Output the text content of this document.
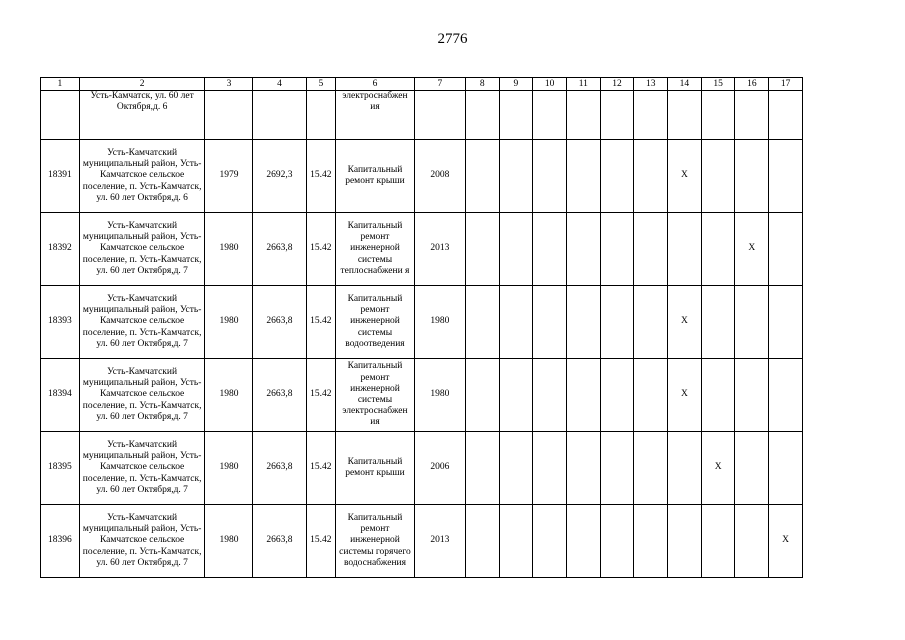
2776
1	2	3	4	5	6	7	8	9	10	11	12	13	14	15	16	17
	Усть-Камчатск, ул. 60 лет Октября,д. 6				электроснабжен ия											
18391	Усть-Камчатский муниципальный район, Усть-Камчатское сельское поселение, п. Усть-Камчатск, ул. 60 лет Октября,д. 6	1979	2692,3	15.42	Капитальный ремонт крыши	2008							X			
18392	Усть-Камчатский муниципальный район, Усть-Камчатское сельское поселение, п. Усть-Камчатск, ул. 60 лет Октября,д. 7	1980	2663,8	15.42	Капитальный ремонт инженерной системы теплоснабжени я	2013									X	
18393	Усть-Камчатский муниципальный район, Усть-Камчатское сельское поселение, п. Усть-Камчатск, ул. 60 лет Октября,д. 7	1980	2663,8	15.42	Капитальный ремонт инженерной системы водоотведения	1980							X			
18394	Усть-Камчатский муниципальный район, Усть-Камчатское сельское поселение, п. Усть-Камчатск, ул. 60 лет Октября,д. 7	1980	2663,8	15.42	Капитальный ремонт инженерной системы электроснабжен ия	1980							X			
18395	Усть-Камчатский муниципальный район, Усть-Камчатское сельское поселение, п. Усть-Камчатск, ул. 60 лет Октября,д. 7	1980	2663,8	15.42	Капитальный ремонт крыши	2006								X		
18396	Усть-Камчатский муниципальный район, Усть-Камчатское сельское поселение, п. Усть-Камчатск, ул. 60 лет Октября,д. 7	1980	2663,8	15.42	Капитальный ремонт инженерной системы горячего водоснабжения	2013										X
